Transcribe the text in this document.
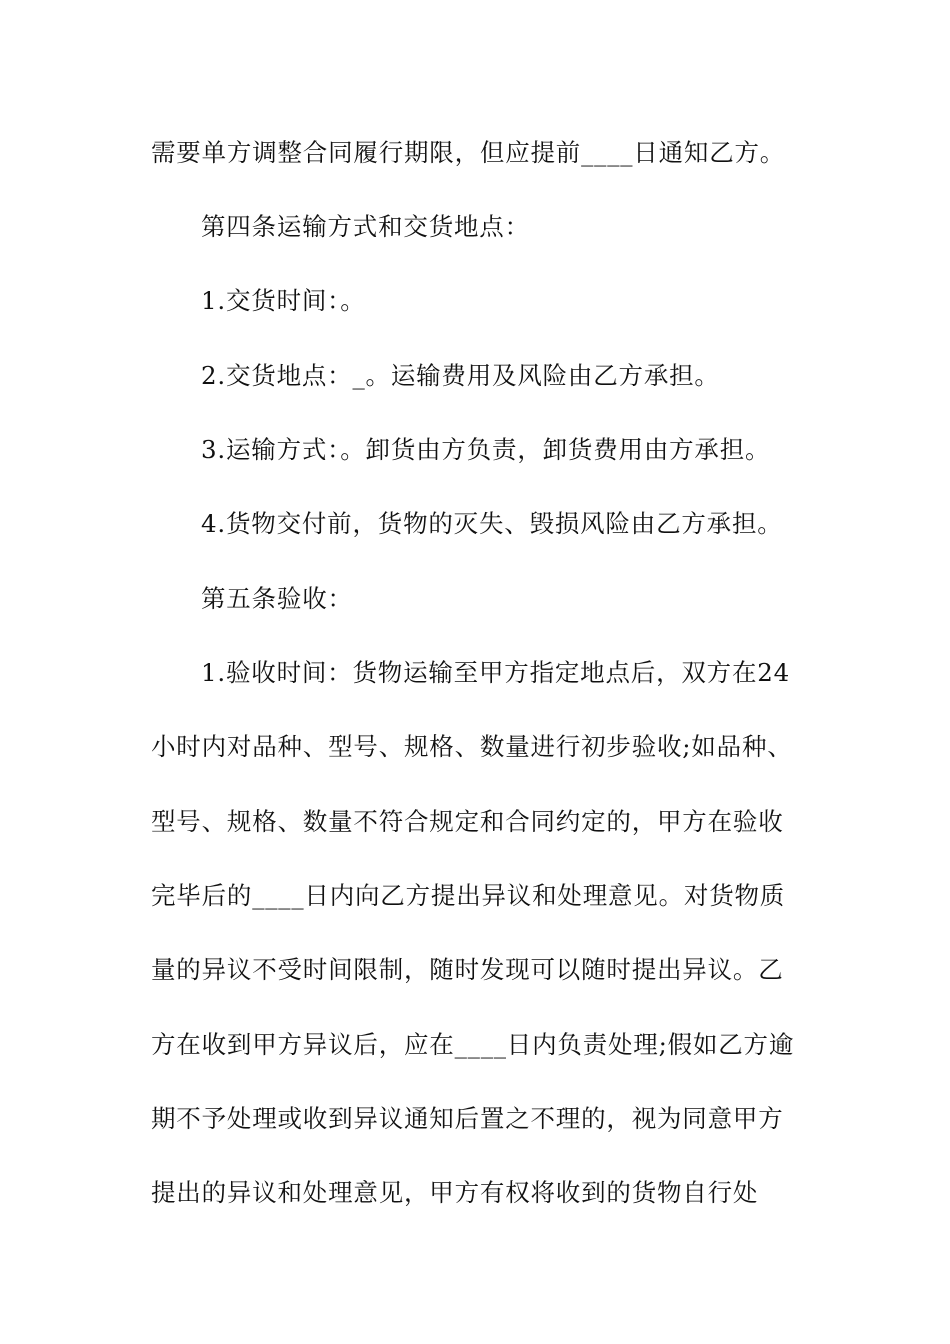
需要单方调整合同履行期限，但应提前____日通知乙方。
第四条运输方式和交货地点：
1.交货时间：。
2.交货地点：_。运输费用及风险由乙方承担。
3.运输方式：。卸货由方负责，卸货费用由方承担。
4.货物交付前，货物的灭失、毁损风险由乙方承担。
第五条验收：
1.验收时间：货物运输至甲方指定地点后，双方在24
小时内对品种、型号、规格、数量进行初步验收;如品种、
型号、规格、数量不符合规定和合同约定的，甲方在验收
完毕后的____日内向乙方提出异议和处理意见。对货物质
量的异议不受时间限制，随时发现可以随时提出异议。乙
方在收到甲方异议后，应在____日内负责处理;假如乙方逾
期不予处理或收到异议通知后置之不理的，视为同意甲方
提出的异议和处理意见，甲方有权将收到的货物自行处
